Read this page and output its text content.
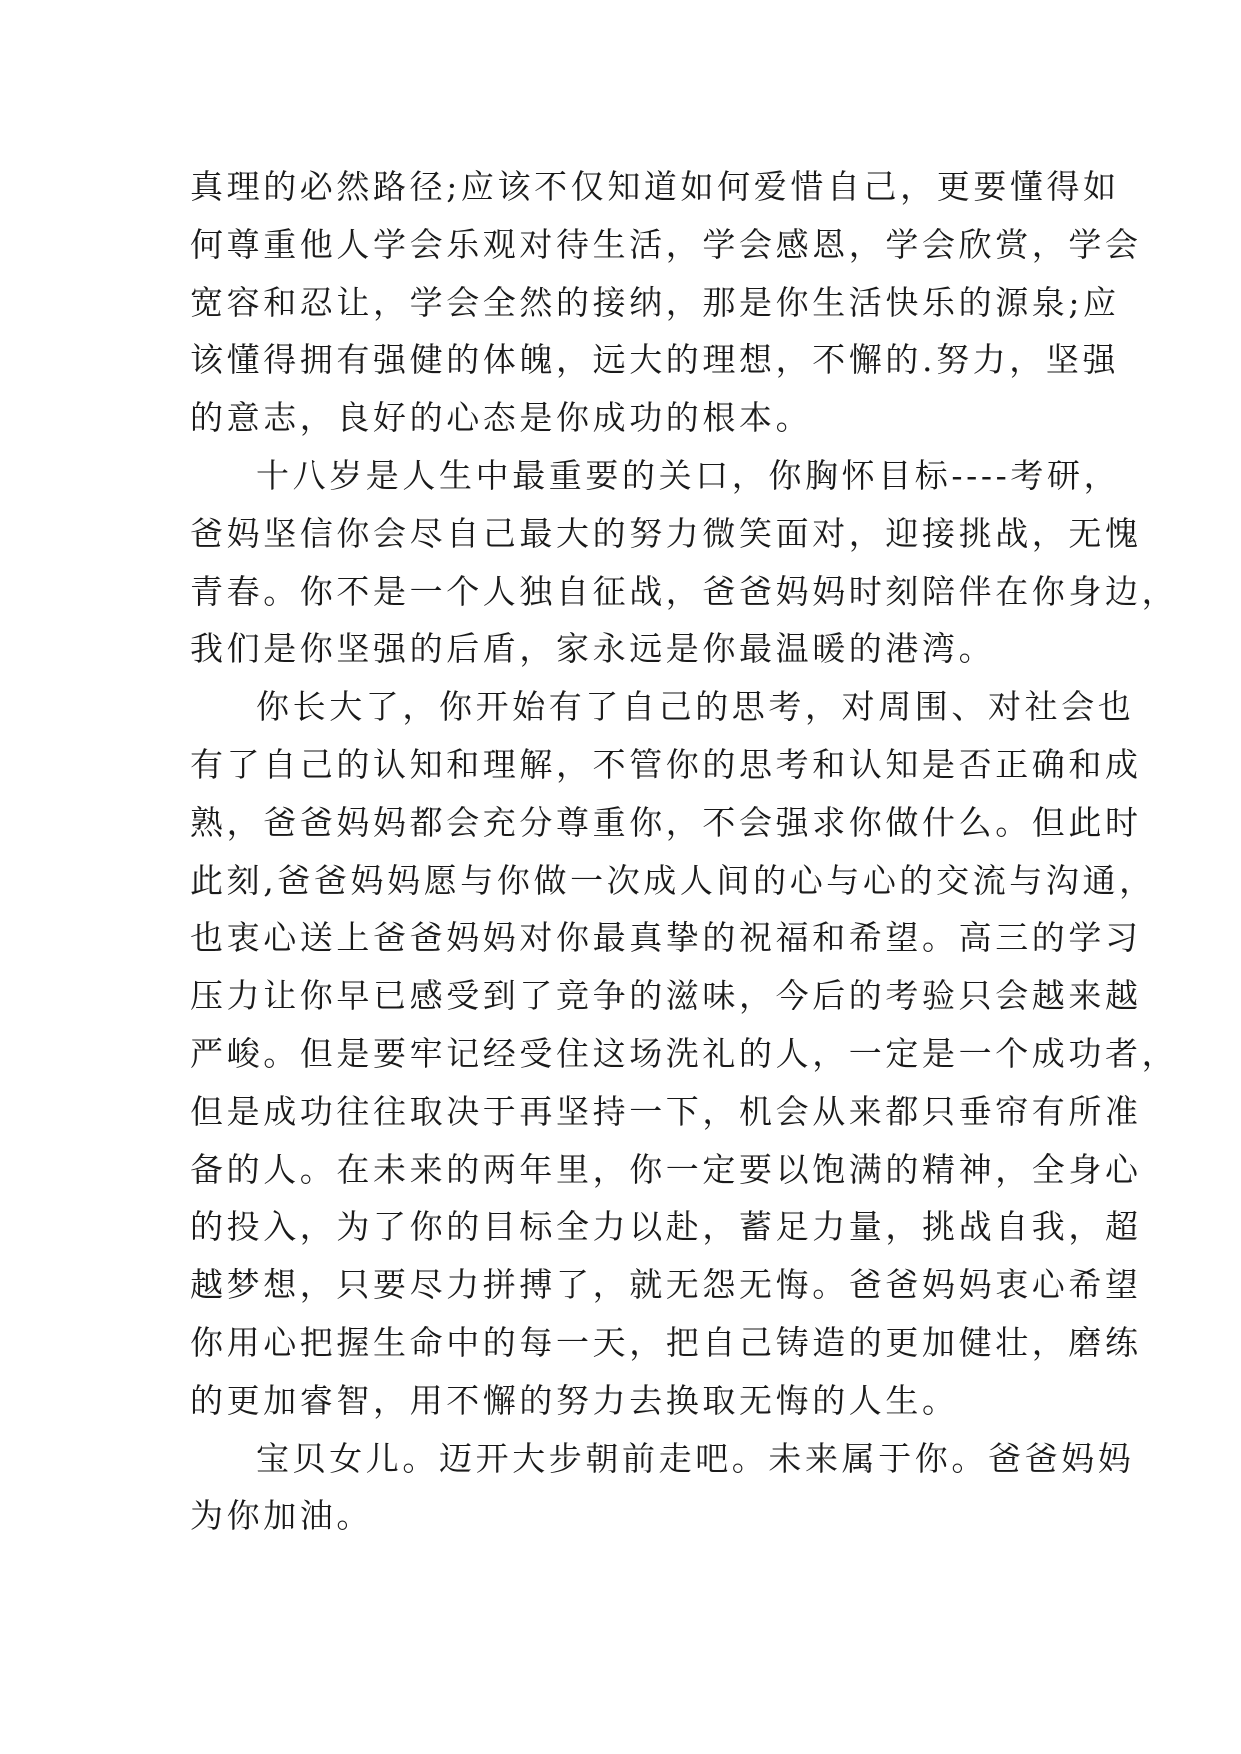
真理的必然路径;应该不仅知道如何爱惜自己，更要懂得如
何尊重他人学会乐观对待生活，学会感恩，学会欣赏，学会
宽容和忍让，学会全然的接纳，那是你生活快乐的源泉;应
该懂得拥有强健的体魄，远大的理想，不懈的.努力，坚强
的意志，良好的心态是你成功的根本。
十八岁是人生中最重要的关口，你胸怀目标----考研，
爸妈坚信你会尽自己最大的努力微笑面对，迎接挑战，无愧
青春。你不是一个人独自征战，爸爸妈妈时刻陪伴在你身边，
我们是你坚强的后盾，家永远是你最温暖的港湾。
你长大了，你开始有了自己的思考，对周围、对社会也
有了自己的认知和理解，不管你的思考和认知是否正确和成
熟，爸爸妈妈都会充分尊重你，不会强求你做什么。但此时
此刻,爸爸妈妈愿与你做一次成人间的心与心的交流与沟通，
也衷心送上爸爸妈妈对你最真挚的祝福和希望。高三的学习
压力让你早已感受到了竞争的滋味，今后的考验只会越来越
严峻。但是要牢记经受住这场洗礼的人，一定是一个成功者，
但是成功往往取决于再坚持一下，机会从来都只垂帘有所准
备的人。在未来的两年里，你一定要以饱满的精神，全身心
的投入，为了你的目标全力以赴，蓄足力量，挑战自我，超
越梦想，只要尽力拼搏了，就无怨无悔。爸爸妈妈衷心希望
你用心把握生命中的每一天，把自己铸造的更加健壮，磨练
的更加睿智，用不懈的努力去换取无悔的人生。
宝贝女儿。迈开大步朝前走吧。未来属于你。爸爸妈妈
为你加油。
